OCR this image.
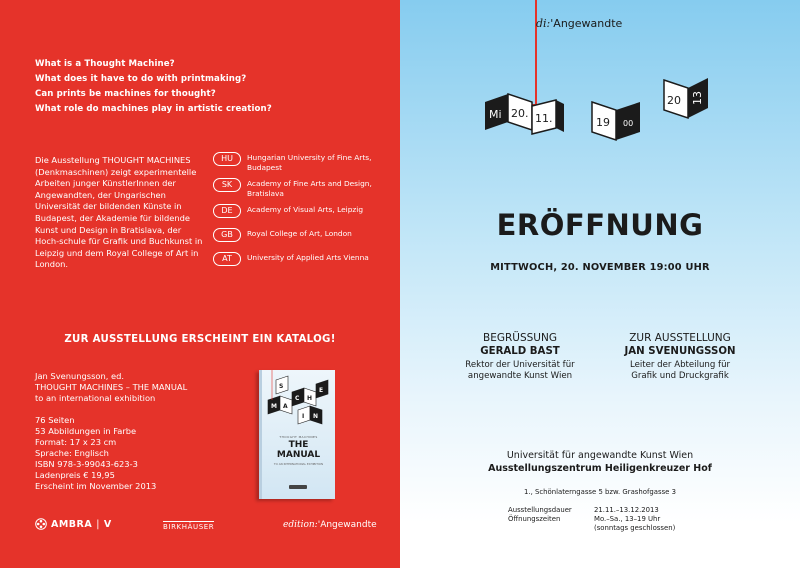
What is a Thought Machine?
What does it have to do with printmaking?
Can prints be machines for thought?
What role do machines play in artistic creation?
Die Ausstellung THOUGHT MACHINES (Denkmaschinen) zeigt experimentelle Arbeiten junger KünstlerInnen der Angewandten, der Ungarischen Universität der bildenden Künste in Budapest, der Akademie für bildende Kunst und Design in Bratislava, der Hoch-schule für Grafik und Buchkunst in Leipzig und dem Royal College of Art in London.
HU	Hungarian University of Fine Arts, Budapest
SK	Academy of Fine Arts and Design, Bratislava
DE	Academy of Visual Arts, Leipzig
GB	Royal College of Art, London
AT	University of Applied Arts Vienna
ZUR AUSSTELLUNG ERSCHEINT EIN KATALOG!
Jan Svenungsson, ed.
THOUGHT MACHINES – THE MANUAL
to an international exhibition
76 Seiten
53 Abbildungen in Farbe
Format: 17 x 23 cm
Sprache: Englisch
ISBN 978-3-99043-623-3
Ladenpreis € 19,95
Erscheint im November 2013
M A
C H
I N
E
S
THOUGHT MACHINES
THE
MANUAL
TO AN INTERNATIONAL EXHIBITION
AMBRA | V	BIRKHÄUSER	edition:'Angewandte
di:'Angewandte
Mi 20. 11.	19 00
20 13
ERÖFFNUNG
MITTWOCH, 20. NOVEMBER 19:00 UHR
BEGRÜSSUNG
GERALD BAST
Rektor der Universität für
angewandte Kunst Wien
ZUR AUSSTELLUNG
JAN SVENUNGSSON
Leiter der Abteilung für
Grafik und Druckgrafik
Universität für angewandte Kunst Wien
Ausstellungszentrum Heiligenkreuzer Hof
1., Schönlaterngasse 5 bzw. Grashofgasse 3
Ausstellungsdauer	21.11.–13.12.2013
Öffnungszeiten	Mo.–Sa., 13–19 Uhr
(sonntags geschlossen)
